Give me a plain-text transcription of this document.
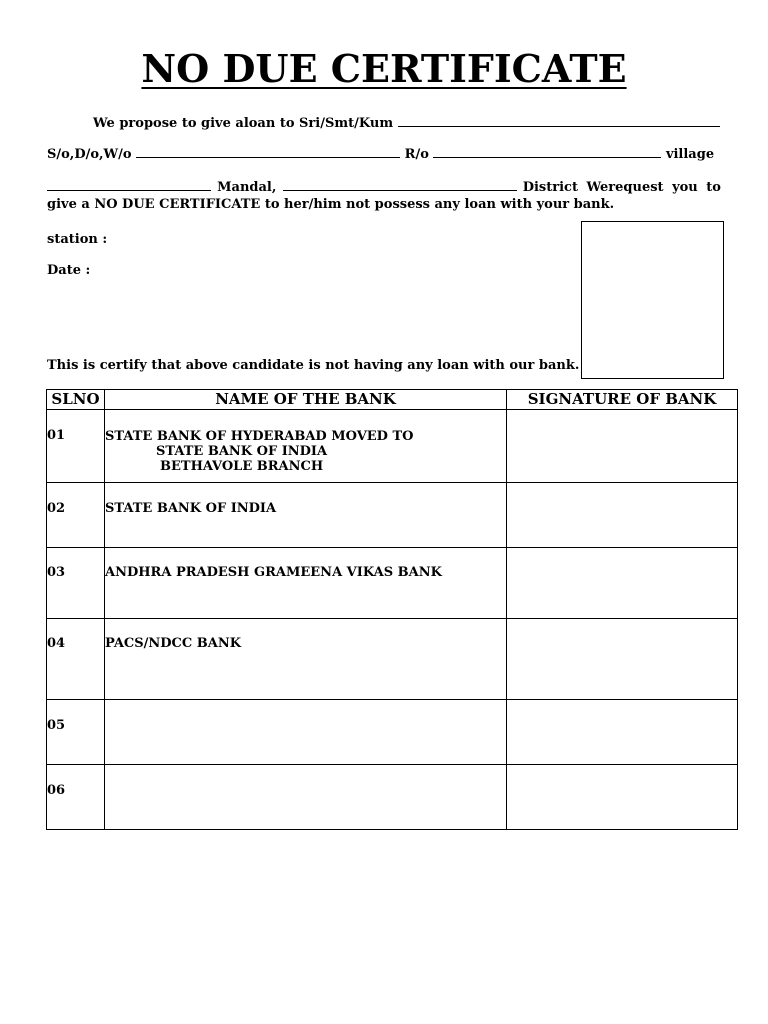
NO DUE CERTIFICATE
We propose to give aloan to Sri/Smt/Kum
S/o,D/o,W/o	R/o	village
Mandal,	District Werequest you to
give a NO DUE CERTIFICATE to her/him not possess any loan with your bank.
station :
Date :
This is certify that above candidate is not having any loan with our bank.
SLNO	NAME OF THE BANK	SIGNATURE OF BANK
01	STATE BANK OF HYDERABAD MOVED TO
STATE BANK OF INDIA
BETHAVOLE BRANCH	

02	STATE BANK OF INDIA	

03	ANDHRA PRADESH GRAMEENA VIKAS BANK	

04	PACS/NDCC BANK	

05		
06		
